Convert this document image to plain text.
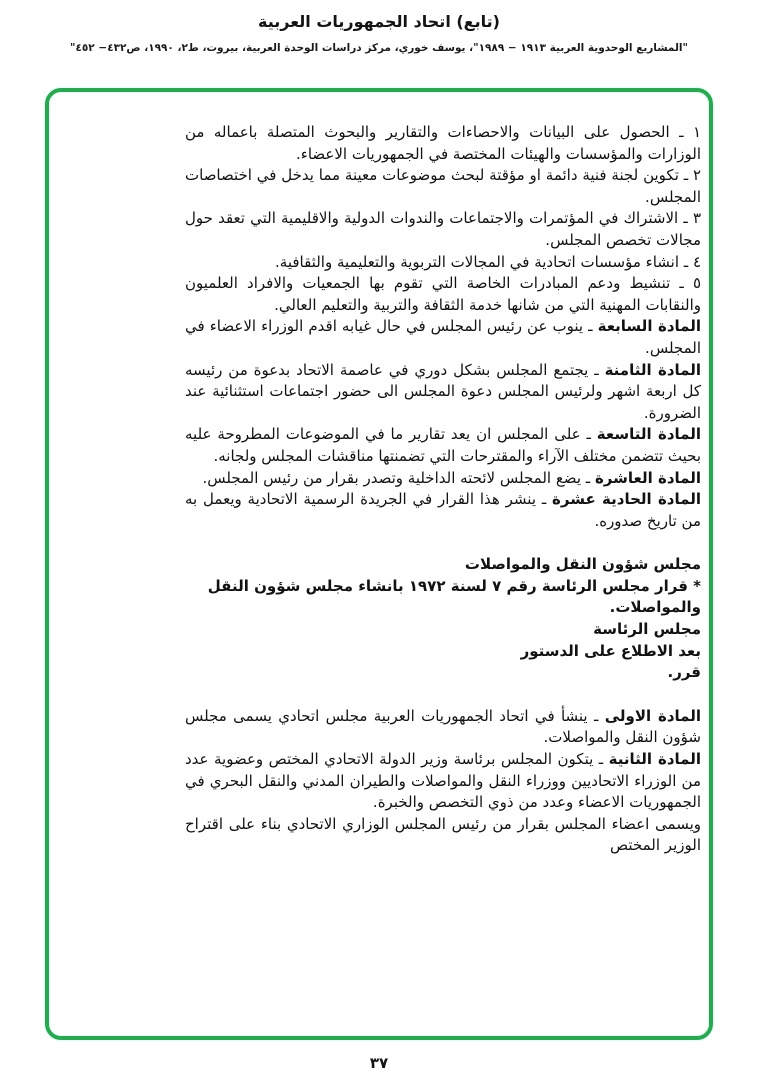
(تابع) اتحاد الجمهوريات العربية
"المشاريع الوحدوية العربية ١٩١٣ − ١٩٨٩"، يوسف خوري، مركز دراسات الوحدة العربية، بيروت، ط٢، ١٩٩٠، ص٤٣٢− ٤٥٢"

١ ـ الحصول على البيانات والاحصاءات والتقارير والبحوث المتصلة باعماله من الوزارات والمؤسسات والهيئات المختصة في الجمهوريات الاعضاء.

٢ ـ تكوين لجنة فنية دائمة او مؤقتة لبحث موضوعات معينة مما يدخل في اختصاصات المجلس.

٣ ـ الاشتراك في المؤتمرات والاجتماعات والندوات الدولية والاقليمية التي تعقد حول مجالات تخصص المجلس.

٤ ـ انشاء مؤسسات اتحادية في المجالات التربوية والتعليمية والثقافية.

٥ ـ تنشيط ودعم المبادرات الخاصة التي تقوم بها الجمعيات والافراد العلميون والنقابات المهنية التي من شانها خدمة الثقافة والتربية والتعليم العالي.

المادة السابعة ـ ينوب عن رئيس المجلس في حال غيابه اقدم الوزراء الاعضاء في المجلس.

المادة الثامنة ـ يجتمع المجلس بشكل دوري في عاصمة الاتحاد بدعوة من رئيسه كل اربعة اشهر ولرئيس المجلس دعوة المجلس الى حضور اجتماعات استثنائية عند الضرورة.

المادة التاسعة ـ على المجلس ان يعد تقارير ما في الموضوعات المطروحة عليه بحيث تتضمن مختلف الآراء والمقترحات التي تضمنتها مناقشات المجلس ولجانه.

المادة العاشرة ـ يضع المجلس لائحته الداخلية وتصدر بقرار من رئيس المجلس.

المادة الحادية عشرة ـ ينشر هذا القرار في الجريدة الرسمية الاتحادية ويعمل به من تاريخ صدوره.

مجلس شؤون النقل والمواصلات

* قرار مجلس الرئاسة رقم ٧ لسنة ١٩٧٢ بانشاء مجلس شؤون النقل والمواصلات.

مجلس الرئاسة

بعد الاطلاع على الدستور

قرر.

المادة الاولى ـ ينشأ في اتحاد الجمهوريات العربية مجلس اتحادي يسمى مجلس شؤون النقل والمواصلات.

المادة الثانية ـ يتكون المجلس برئاسة وزير الدولة الاتحادي المختص وعضوية عدد من الوزراء الاتحاديين ووزراء النقل والمواصلات والطيران المدني والنقل البحري في الجمهوريات الاعضاء وعدد من ذوي التخصص والخبرة.

ويسمى اعضاء المجلس بقرار من رئيس المجلس الوزاري الاتحادي بناء على اقتراح الوزير المختص

٣٧
